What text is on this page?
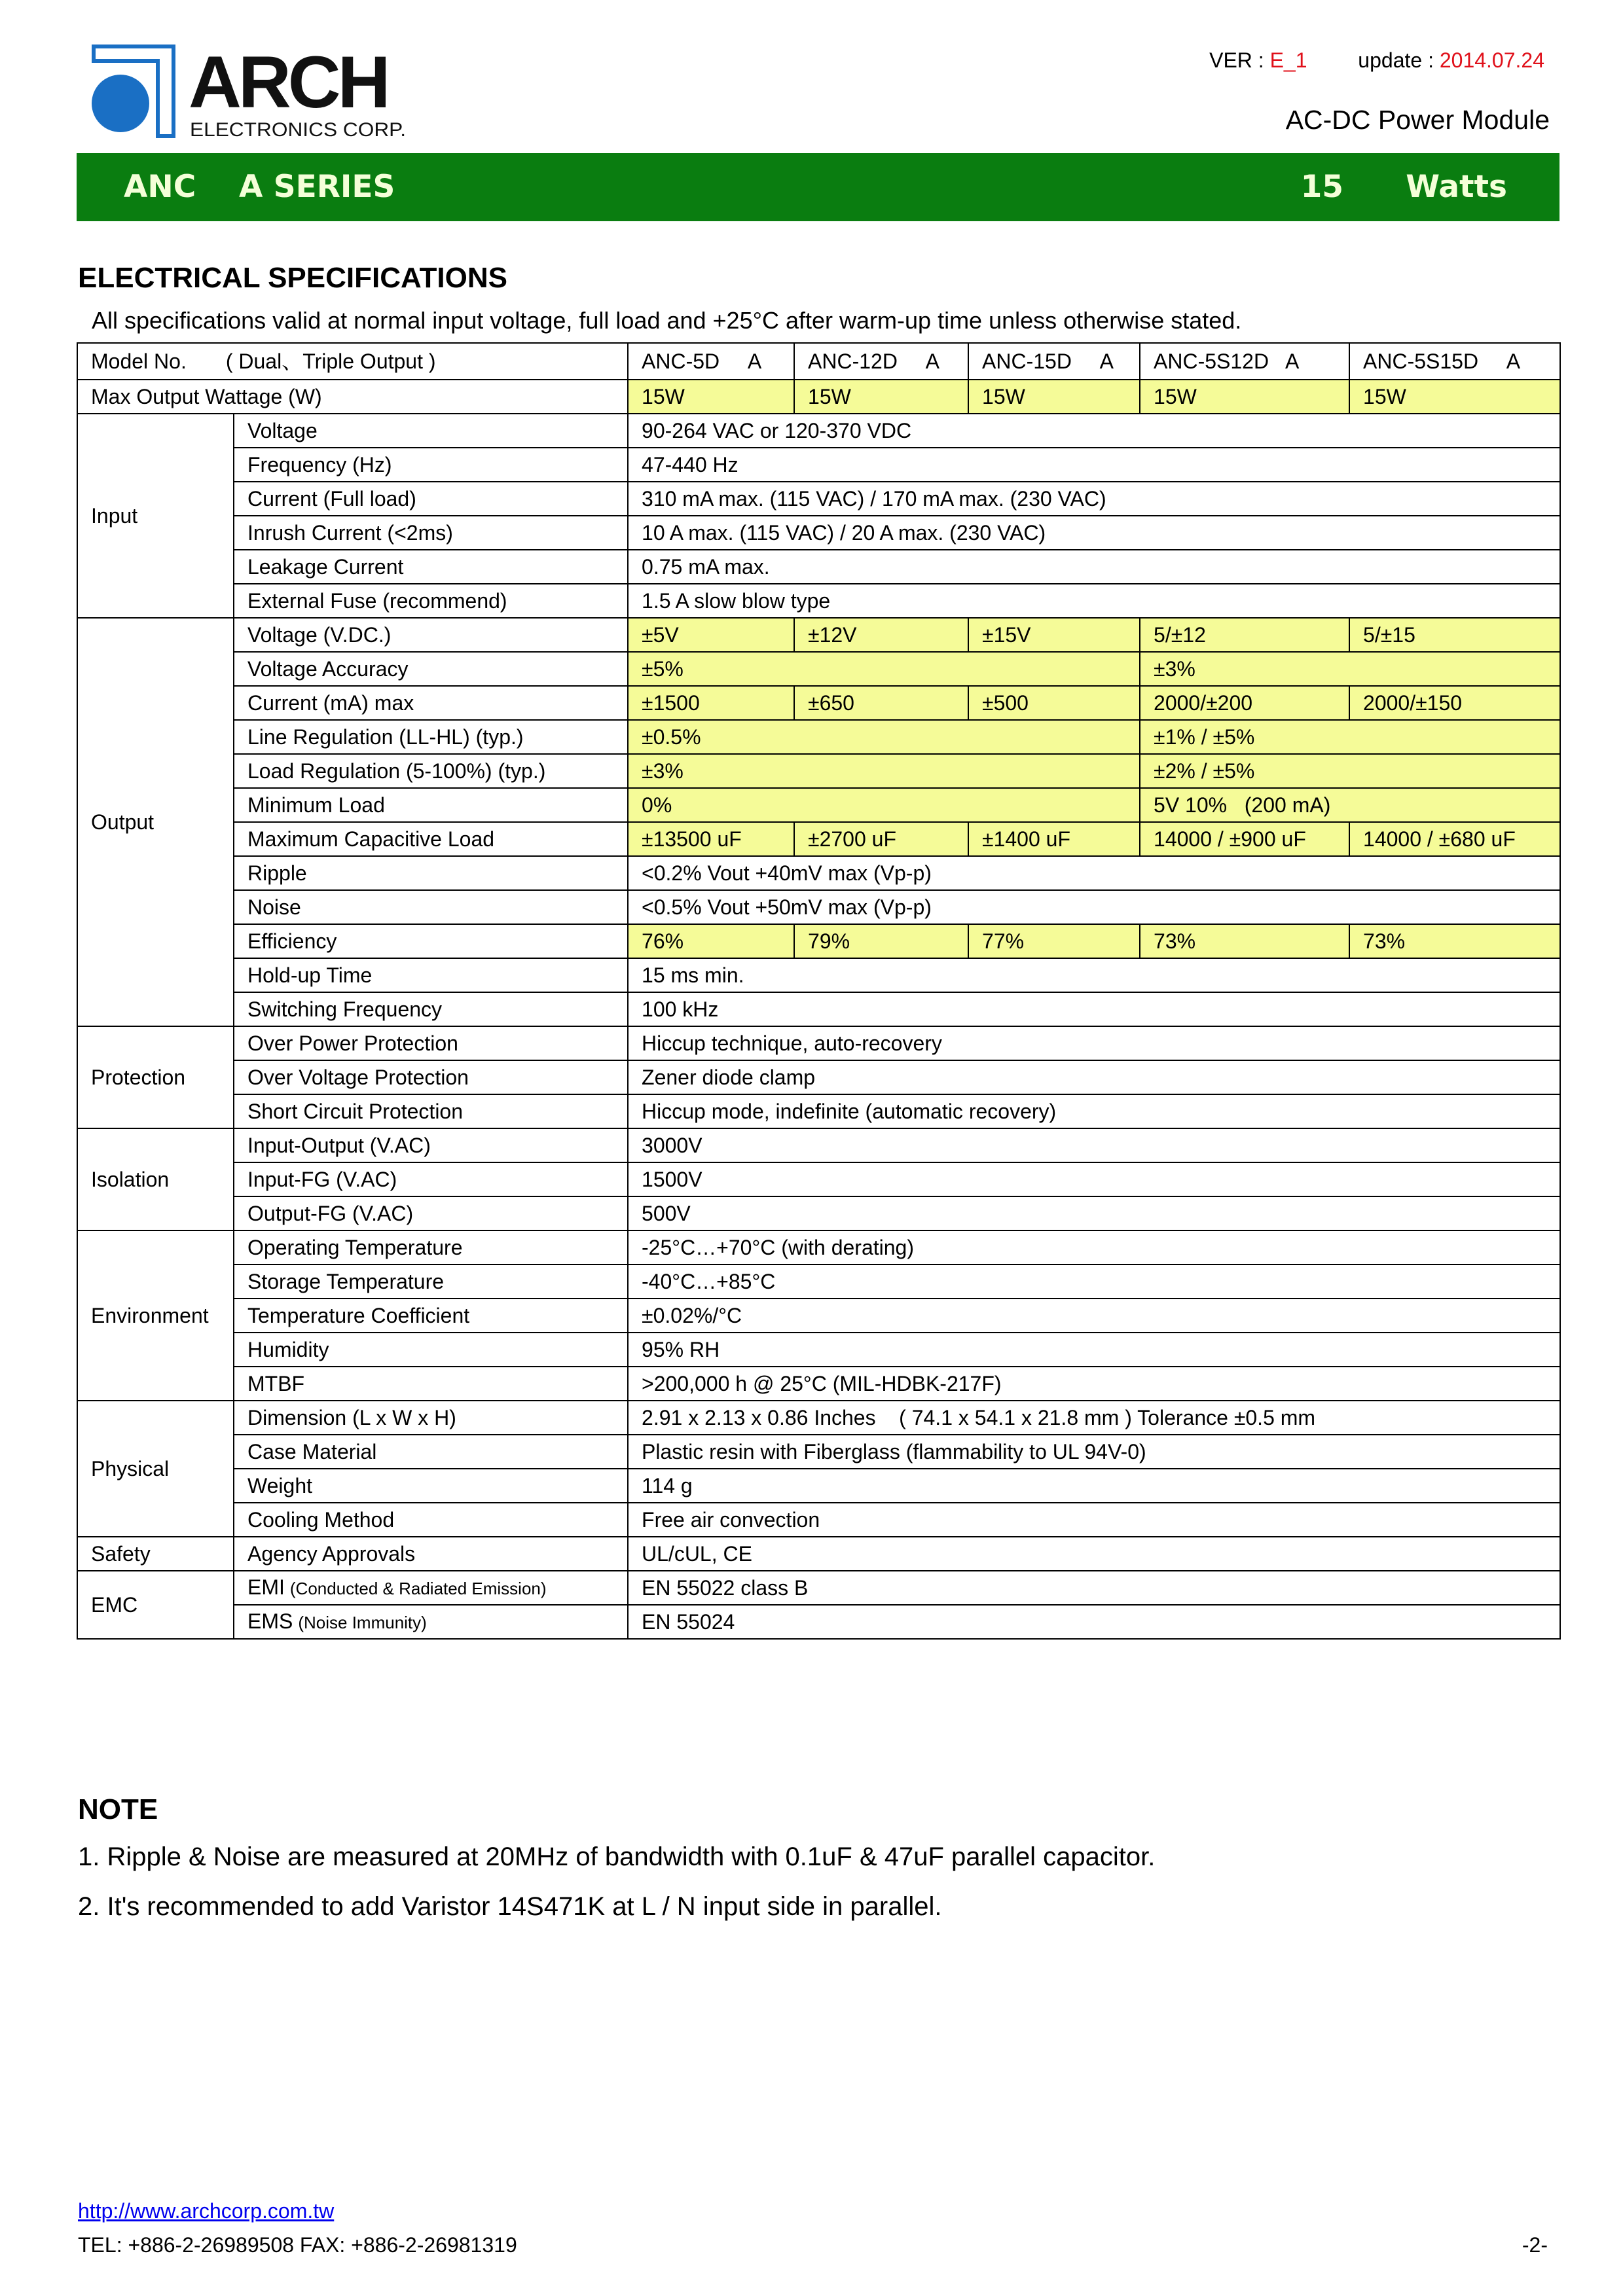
ARCH
ELECTRONICS CORP.
VER : E_1 update : 2014.07.24
AC-DC Power Module
ANC A SERIES	15 Watts
ELECTRICAL SPECIFICATIONS
All specifications valid at normal input voltage, full load and +25°C after warm-up time unless otherwise stated.
Model No. ( Dual、Triple Output )		ANC-5D     A	ANC-12D     A	ANC-15D     A	ANC-5S12D   A	ANC-5S15D     A
Max Output Wattage (W)		15W	15W	15W	15W	15W
Input	Voltage	90-264 VAC or 120-370 VDC				
	Frequency (Hz)	47-440 Hz				
	Current (Full load)	310 mA max. (115 VAC) / 170 mA max. (230 VAC)				
	Inrush Current (<2ms)	10 A max. (115 VAC) / 20 A max. (230 VAC)				
	Leakage Current	0.75 mA max.				
	External Fuse (recommend)	1.5 A slow blow type				
Output	Voltage (V.DC.)	±5V	±12V	±15V	5/±12	5/±15
	Voltage Accuracy	±5%			±3%	
	Current (mA) max	±1500	±650	±500	2000/±200	2000/±150
	Line Regulation (LL-HL) (typ.)	±0.5%			±1% / ±5%	
	Load Regulation (5-100%) (typ.)	±3%			±2% / ±5%	
	Minimum Load	0%			5V 10%   (200 mA)	
	Maximum Capacitive Load	±13500 uF	±2700 uF	±1400 uF	14000 / ±900 uF	14000 / ±680 uF
	Ripple	<0.2% Vout +40mV max (Vp-p)				
	Noise	<0.5% Vout +50mV max (Vp-p)				
	Efficiency	76%	79%	77%	73%	73%
	Hold-up Time	15 ms min.				
	Switching Frequency	100 kHz				
Protection	Over Power Protection	Hiccup technique, auto-recovery				
	Over Voltage Protection	Zener diode clamp				
	Short Circuit Protection	Hiccup mode, indefinite (automatic recovery)				
Isolation	Input-Output (V.AC)	3000V				
	Input-FG (V.AC)	1500V				
	Output-FG (V.AC)	500V				
Environment	Operating Temperature	-25°C…+70°C (with derating)				
	Storage Temperature	-40°C…+85°C				
	Temperature Coefficient	±0.02%/°C				
	Humidity	95% RH				
	MTBF	>200,000 h @ 25°C (MIL-HDBK-217F)				
Physical	Dimension (L x W x H)	2.91 x 2.13 x 0.86 Inches    ( 74.1 x 54.1 x 21.8 mm ) Tolerance ±0.5 mm				
	Case Material	Plastic resin with Fiberglass (flammability to UL 94V-0)				
	Weight	114 g				
	Cooling Method	Free air convection				
Safety	Agency Approvals	UL/cUL, CE				
EMC	EMI (Conducted & Radiated Emission)	EN 55022 class B				
	EMS (Noise Immunity)	EN 55024				
NOTE
1. Ripple & Noise are measured at 20MHz of bandwidth with 0.1uF & 47uF parallel capacitor.
2. It's recommended to add Varistor 14S471K at L / N input side in parallel.
http://www.archcorp.com.tw
TEL: +886-2-26989508 FAX: +886-2-26981319	-2-
